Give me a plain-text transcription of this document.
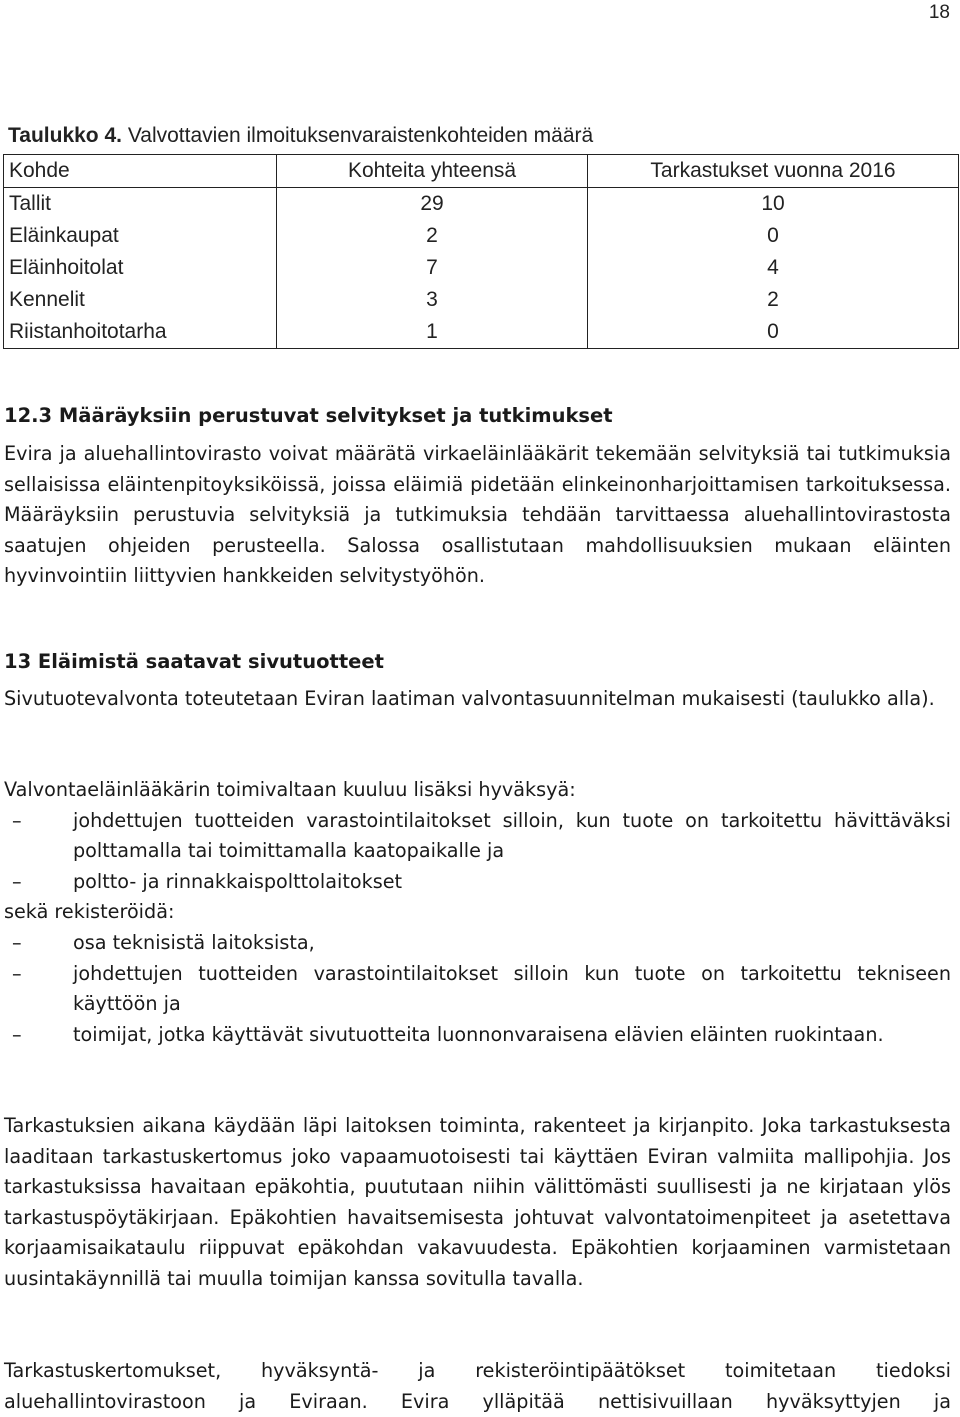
18
Taulukko 4. Valvottavien ilmoituksenvaraistenkohteiden määrä
Kohde	Kohteita yhteensä	Tarkastukset vuonna 2016
Tallit	29	10
Eläinkaupat	2	0
Eläinhoitolat	7	4
Kennelit	3	2
Riistanhoitotarha	1	0
12.3 Määräyksiin perustuvat selvitykset ja tutkimukset
Evira ja aluehallintovirasto voivat määrätä virkaeläinlääkärit tekemään selvityksiä tai tutkimuksia sellaisissa eläintenpitoyksiköissä, joissa eläimiä pidetään elinkeinonharjoittamisen tarkoituksessa. Määräyksiin perustuvia selvityksiä ja tutkimuksia tehdään tarvittaessa aluehallintovirastosta saatujen ohjeiden perusteella. Salossa osallistutaan mahdollisuuksien mukaan eläinten hyvinvointiin liittyvien hankkeiden selvitystyöhön.
13 Eläimistä saatavat sivutuotteet
Sivutuotevalvonta toteutetaan Eviran laatiman valvontasuunnitelman mukaisesti (taulukko alla).
Valvontaeläinlääkärin toimivaltaan kuuluu lisäksi hyväksyä:
–	johdettujen tuotteiden varastointilaitokset silloin, kun tuote on tarkoitettu hävittäväksi polttamalla tai toimittamalla kaatopaikalle ja
–	poltto- ja rinnakkaispolttolaitokset
sekä rekisteröidä:
–	osa teknisistä laitoksista,
–	johdettujen tuotteiden varastointilaitokset silloin kun tuote on tarkoitettu tekniseen käyttöön ja
–	toimijat, jotka käyttävät sivutuotteita luonnonvaraisena elävien eläinten ruokintaan.
Tarkastuksien aikana käydään läpi laitoksen toiminta, rakenteet ja kirjanpito. Joka tarkastuksesta laaditaan tarkastuskertomus joko vapaamuotoisesti tai käyttäen Eviran valmiita mallipohjia. Jos tarkastuksissa havaitaan epäkohtia, puututaan niihin välittömästi suullisesti ja ne kirjataan ylös tarkastuspöytäkirjaan. Epäkohtien havaitsemisesta johtuvat valvontatoimenpiteet ja asetettava korjaamisaikataulu riippuvat epäkohdan vakavuudesta. Epäkohtien korjaaminen varmistetaan uusintakäynnillä tai muulla toimijan kanssa sovitulla tavalla.
Tarkastuskertomukset, hyväksyntä- ja rekisteröintipäätökset toimitetaan tiedoksi
aluehallintovirastoon ja Eviraan. Evira ylläpitää nettisivuillaan hyväksyttyjen ja
